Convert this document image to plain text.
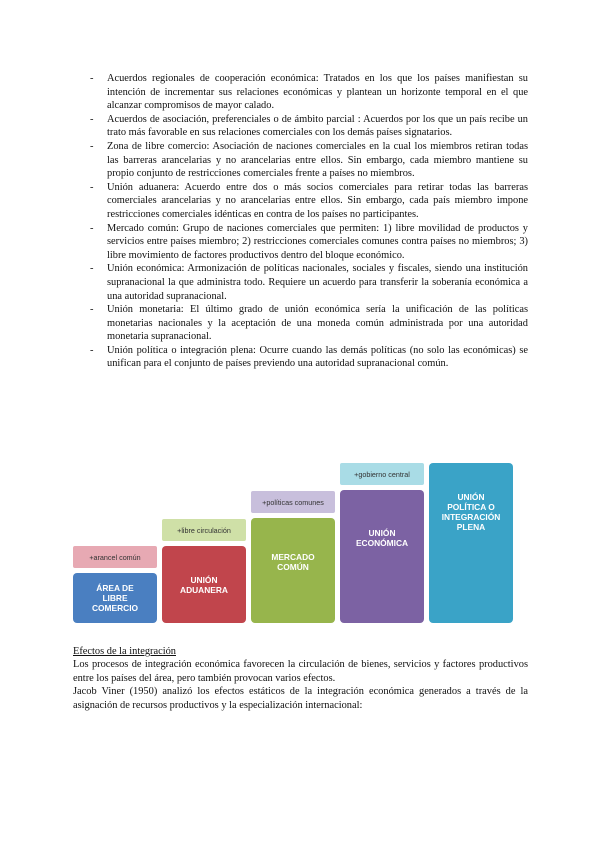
- Acuerdos regionales de cooperación económica: Tratados en los que los países manifiestan su intención de incrementar sus relaciones económicas y plantean un horizonte temporal en el que alcanzar compromisos de mayor calado.
- Acuerdos de asociación, preferenciales o de ámbito parcial : Acuerdos por los que un país recibe un trato más favorable en sus relaciones comerciales con los demás países signatarios.
- Zona de libre comercio: Asociación de naciones comerciales en la cual los miembros retiran todas las barreras arancelarias y no arancelarias entre ellos. Sin embargo, cada miembro mantiene su propio conjunto de restricciones comerciales frente a países no miembros.
- Unión aduanera: Acuerdo entre dos o más socios comerciales para retirar todas las barreras comerciales arancelarias y no arancelarias entre ellos. Sin embargo, cada país miembro impone restricciones comerciales idénticas en contra de los países no participantes.
- Mercado común: Grupo de naciones comerciales que permiten: 1) libre movilidad de productos y servicios entre países miembro; 2) restricciones comerciales comunes contra países no miembros; 3) libre movimiento de factores productivos dentro del bloque económico.
- Unión económica: Armonización de políticas nacionales, sociales y fiscales, siendo una institución supranacional la que administra todo. Requiere un acuerdo para transferir la soberanía económica a una autoridad supranacional.
- Unión monetaria: El último grado de unión económica sería la unificación de las políticas monetarias nacionales y la aceptación de una moneda común administrada por una autoridad monetaria supranacional.
- Unión política o integración plena: Ocurre cuando las demás políticas (no solo las económicas) se unifican para el conjunto de países previendo una autoridad supranacional común.
+arancel común
+libre circulación
+políticas comunes
+gobierno central
ÁREA DE
LIBRE
COMERCIO
UNIÓN
ADUANERA
MERCADO
COMÚN
UNIÓN
ECONÓMICA
UNIÓN
POLÍTICA O
INTEGRACIÓN
PLENA

Efectos de la integración

Los procesos de integración económica favorecen la circulación de bienes, servicios y factores productivos entre los países del área, pero también provocan varios efectos.

Jacob Viner (1950) analizó los efectos estáticos de la integración económica generados a través de la asignación de recursos productivos y la especialización internacional:
